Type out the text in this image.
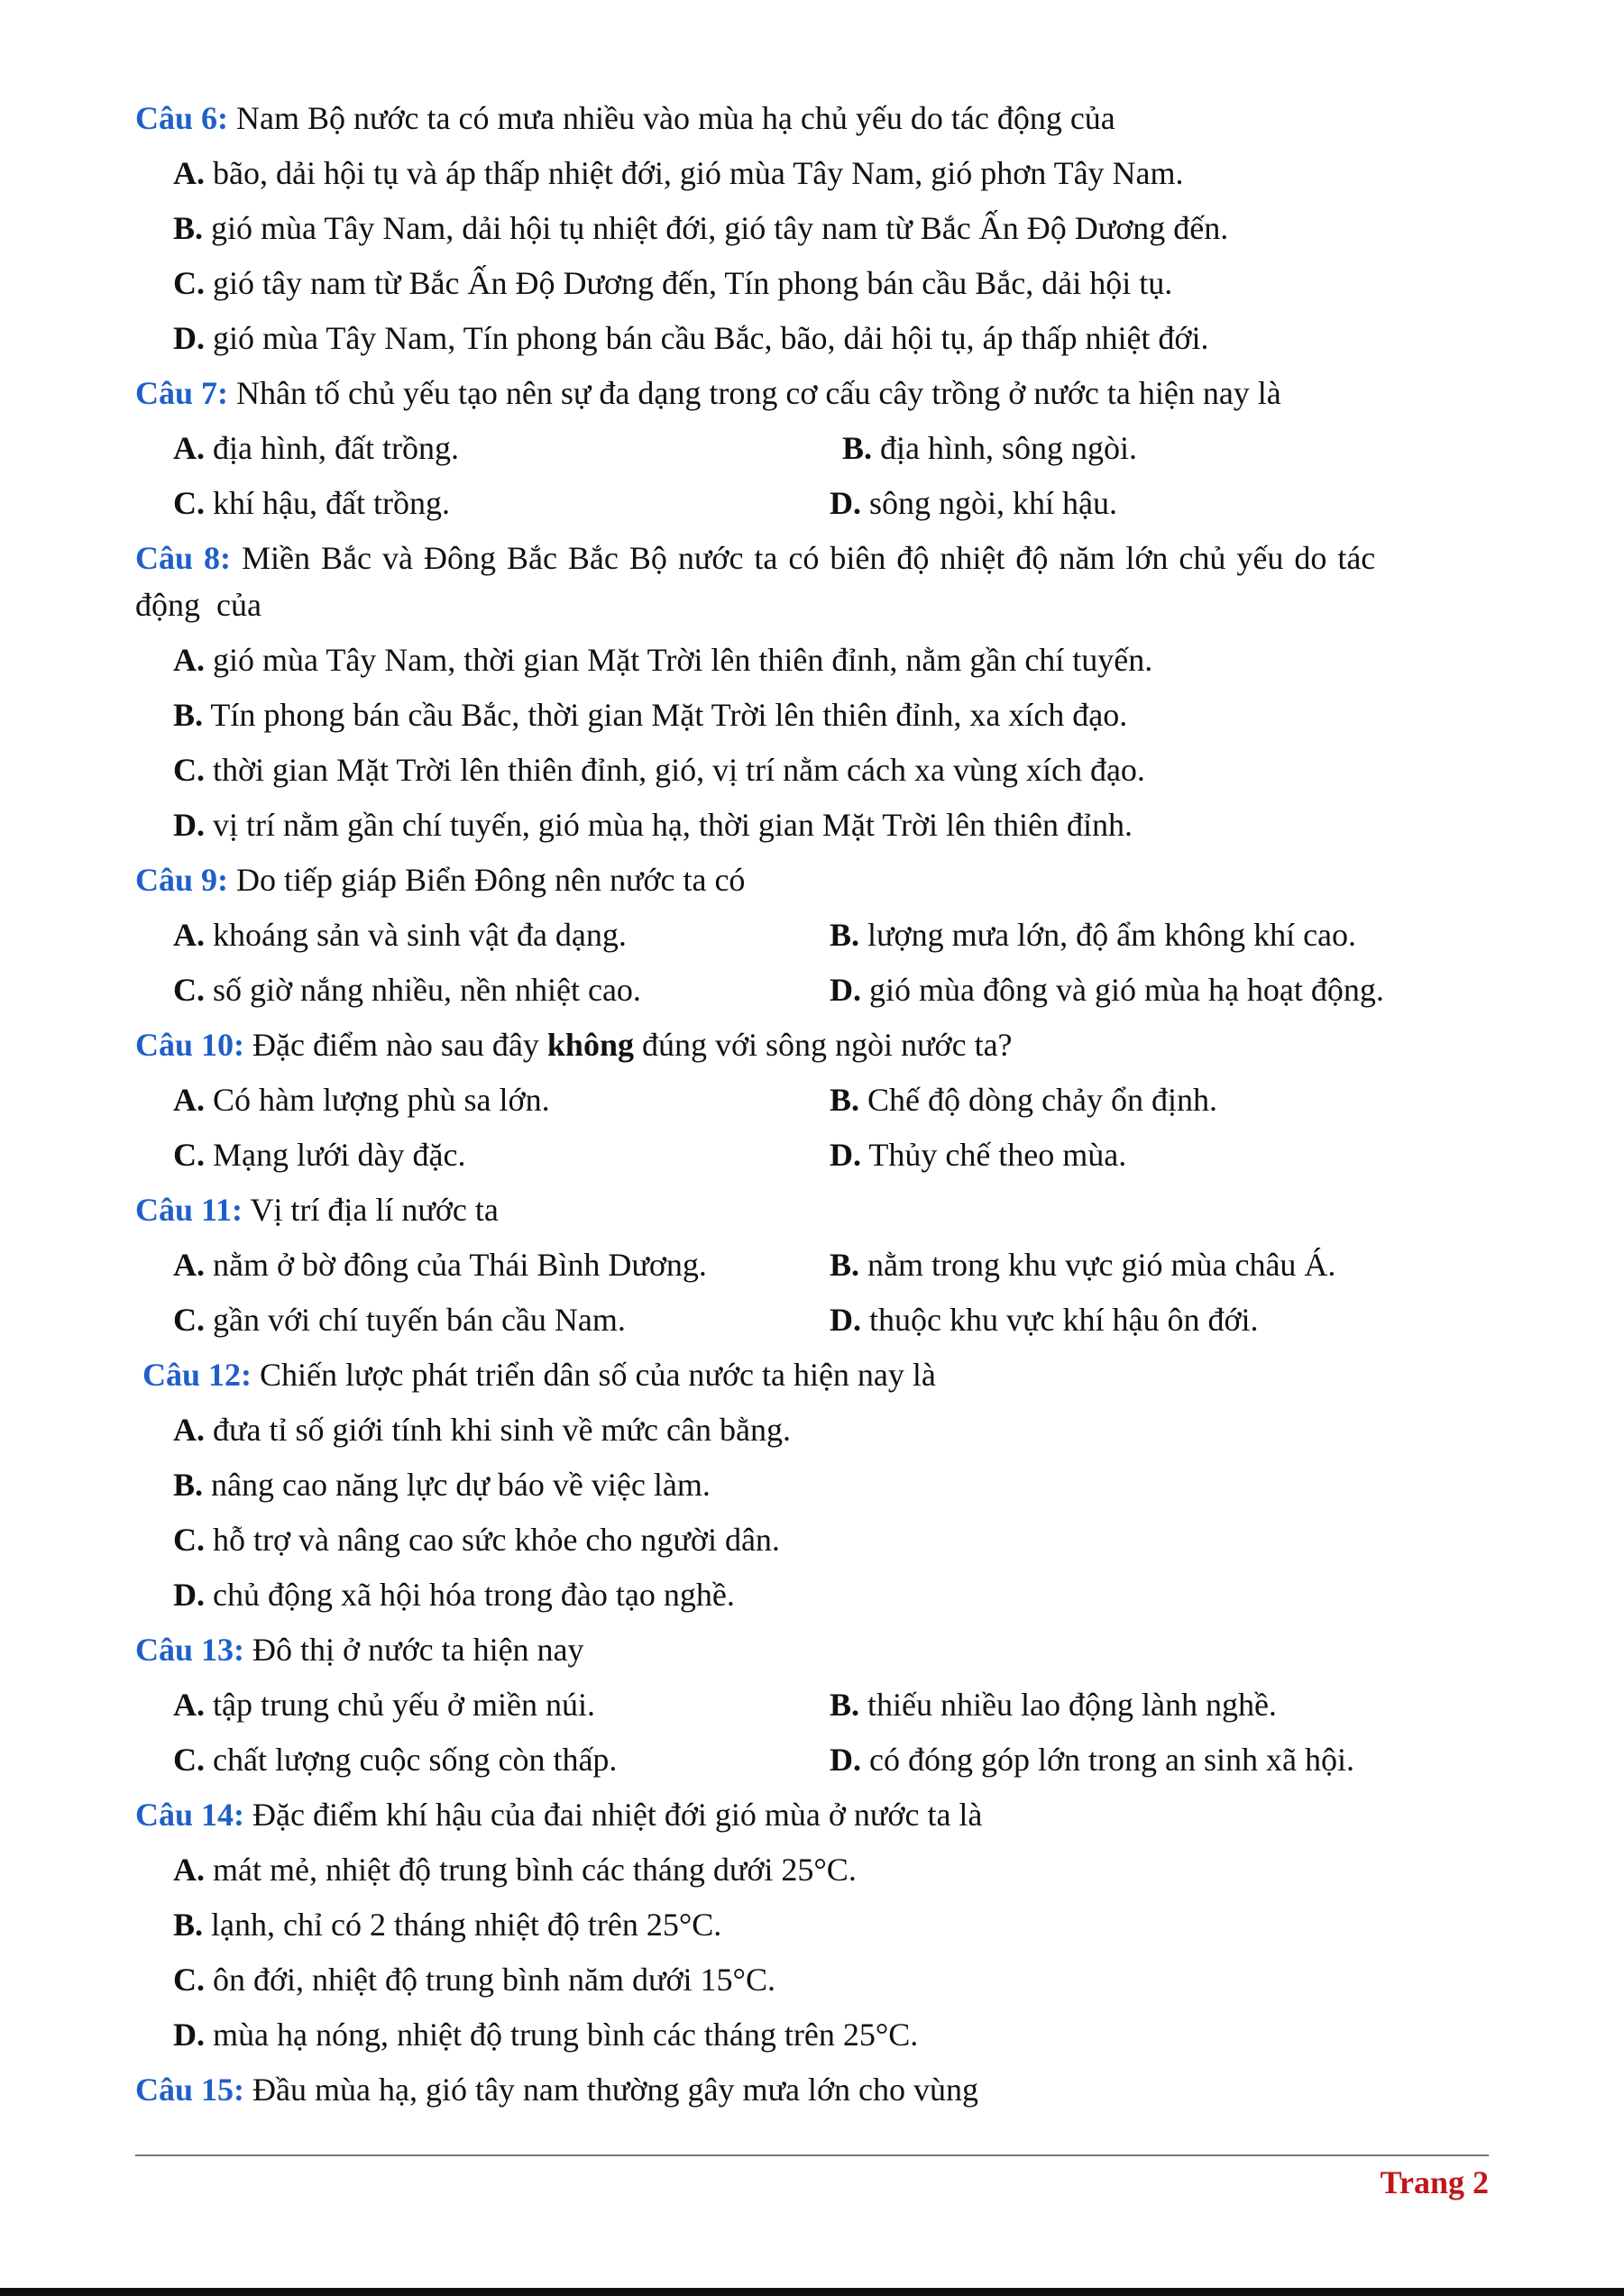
Câu 6: Nam Bộ nước ta có mưa nhiều vào mùa hạ chủ yếu do tác động của
A. bão, dải hội tụ và áp thấp nhiệt đới, gió mùa Tây Nam, gió phơn Tây Nam.
B. gió mùa Tây Nam, dải hội tụ nhiệt đới, gió tây nam từ Bắc Ấn Độ Dương đến.
C. gió tây nam từ Bắc Ấn Độ Dương đến, Tín phong bán cầu Bắc, dải hội tụ.
D. gió mùa Tây Nam, Tín phong bán cầu Bắc, bão, dải hội tụ, áp thấp nhiệt đới.
Câu 7: Nhân tố chủ yếu tạo nên sự đa dạng trong cơ cấu cây trồng ở nước ta hiện nay là
A. địa hình, đất trồng.	B. địa hình, sông ngòi.
C. khí hậu, đất trồng.	D. sông ngòi, khí hậu.
Câu 8: Miền Bắc và Đông Bắc Bắc Bộ nước ta có biên độ nhiệt độ năm lớn chủ yếu do tác
động  của
A. gió mùa Tây Nam, thời gian Mặt Trời lên thiên đỉnh, nằm gần chí tuyến.
B. Tín phong bán cầu Bắc, thời gian Mặt Trời lên thiên đỉnh, xa xích đạo.
C. thời gian Mặt Trời lên thiên đỉnh, gió, vị trí nằm cách xa vùng xích đạo.
D. vị trí nằm gần chí tuyến, gió mùa hạ, thời gian Mặt Trời lên thiên đỉnh.
Câu 9: Do tiếp giáp Biển Đông nên nước ta có
A. khoáng sản và sinh vật đa dạng.	B. lượng mưa lớn, độ ẩm không khí cao.
C. số giờ nắng nhiều, nền nhiệt cao.	D. gió mùa đông và gió mùa hạ hoạt động.
Câu 10: Đặc điểm nào sau đây không đúng với sông ngòi nước ta?
A. Có hàm lượng phù sa lớn.	B. Chế độ dòng chảy ổn định.
C. Mạng lưới dày đặc.	D. Thủy chế theo mùa.
Câu 11: Vị trí địa lí nước ta
A. nằm ở bờ đông của Thái Bình Dương.	B. nằm trong khu vực gió mùa châu Á.
C. gần với chí tuyến bán cầu Nam.	D. thuộc khu vực khí hậu ôn đới.
Câu 12: Chiến lược phát triển dân số của nước ta hiện nay là
A. đưa tỉ số giới tính khi sinh về mức cân bằng.
B. nâng cao năng lực dự báo về việc làm.
C. hỗ trợ và nâng cao sức khỏe cho người dân.
D. chủ động xã hội hóa trong đào tạo nghề.
Câu 13: Đô thị ở nước ta hiện nay
A. tập trung chủ yếu ở miền núi.	B. thiếu nhiều lao động lành nghề.
C. chất lượng cuộc sống còn thấp.	D. có đóng góp lớn trong an sinh xã hội.
Câu 14: Đặc điểm khí hậu của đai nhiệt đới gió mùa ở nước ta là
A. mát mẻ, nhiệt độ trung bình các tháng dưới 25°C.
B. lạnh, chỉ có 2 tháng nhiệt độ trên 25°C.
C. ôn đới, nhiệt độ trung bình năm dưới 15°C.
D. mùa hạ nóng, nhiệt độ trung bình các tháng trên 25°C.
Câu 15: Đầu mùa hạ, gió tây nam thường gây mưa lớn cho vùng
Trang 2
